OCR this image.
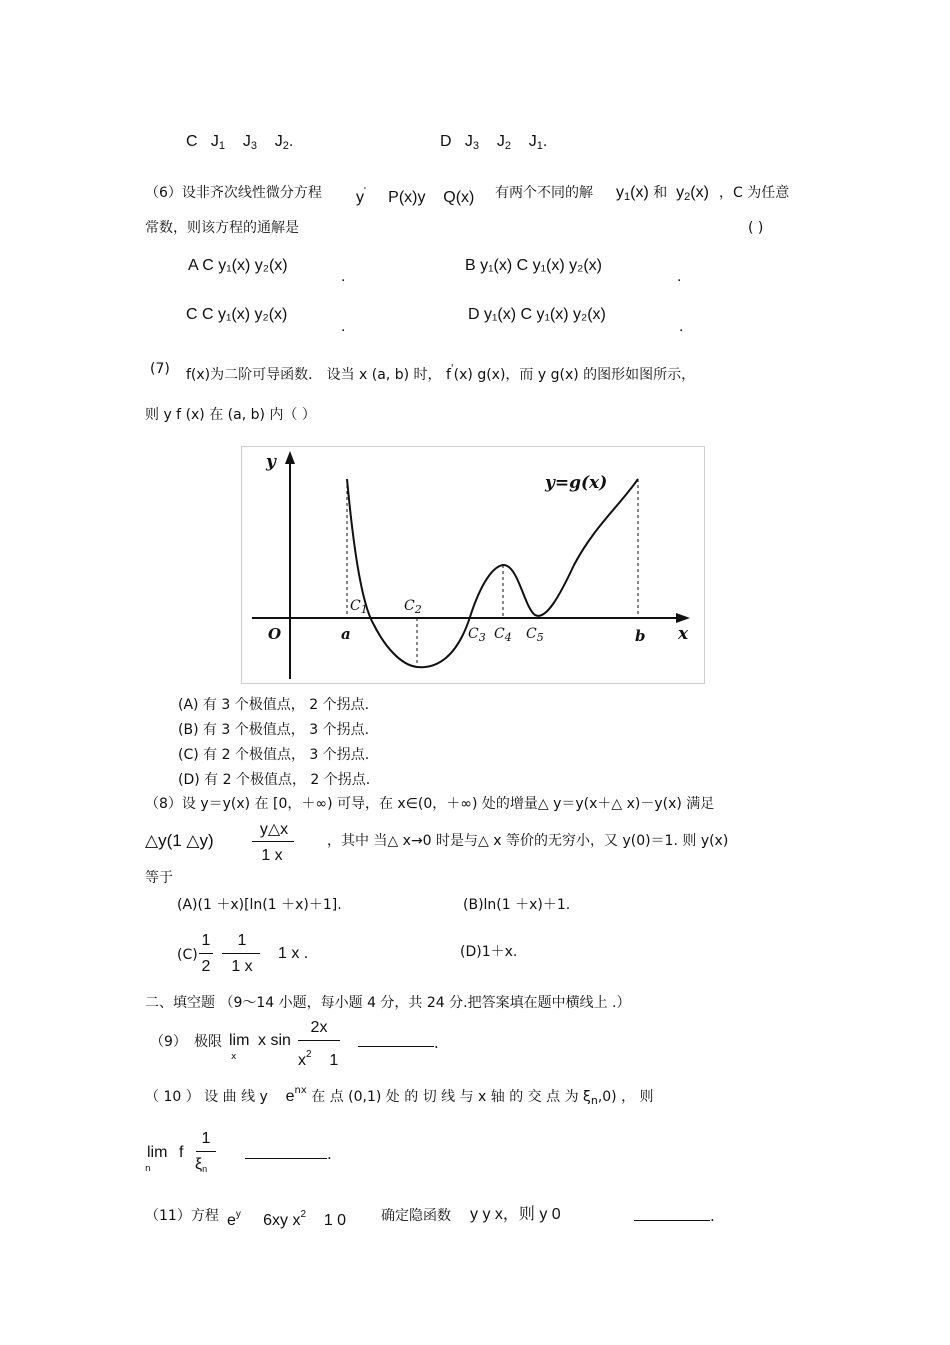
C J1 J3 J2.	D J3 J2 J1.
（6）设非齐次线性微分方程 y' P(x)y Q(x) 有两个不同的解 y1(x) 和 y2(x) ，C 为任意
常数，则该方程的通解是	( )
A C y₁(x) y₂(x)
.
B y₁(x) C y₁(x) y₂(x)
.
C C y₁(x) y₂(x)
.
D y₁(x) C y₁(x) y₂(x)
.
(7) f(x)为二阶可导函数． 设当 x (a, b) 时， f'(x) g(x)，而 y g(x) 的图形如图所示，
则 y f (x) 在 (a, b) 内（ ）
y
x
O
y=g(x)
a	b
$C_1$	$C_2$
$C_3$ $C_4$ $C_5$
(A) 有 3 个极值点， 2 个拐点.
(B) 有 3 个极值点， 3 个拐点.
(C) 有 2 个极值点， 3 个拐点.
(D) 有 2 个极值点， 2 个拐点.
（8）设 y＝y(x) 在 [0，＋∞) 可导，在 x∈(0，＋∞) 处的增量△ y＝y(x＋△ x)－y(x) 满足
△y(1 △y)
y△x
1 x
，其中 当△ x→0 时是与△ x 等价的无穷小，又 y(0)＝1. 则 y(x)
等于
(A)(1 ＋x)[ln(1 ＋x)＋1].	(B)ln(1 ＋x)＋1.
(C)
1
2
1
1 x
1 x .	(D)1＋x.
二、填空题 （9～14 小题，每小题 4 分，共 24 分.把答案填在题中横线上 .）
（9） 极限 lim
x
x sin
2x
$x^2$ 1
.
（ 10 ） 设 曲 线 y $e^{nx}$ 在 点 (0,1) 处 的 切 线 与 x 轴 的 交 点 为 $\xi_n,0$) ， 则
lim
n
f
1
ξn
.
（11）方程 $e^y$ 6xy $x^2$ 1 0 确定隐函数 y y x，则 y 0	.
